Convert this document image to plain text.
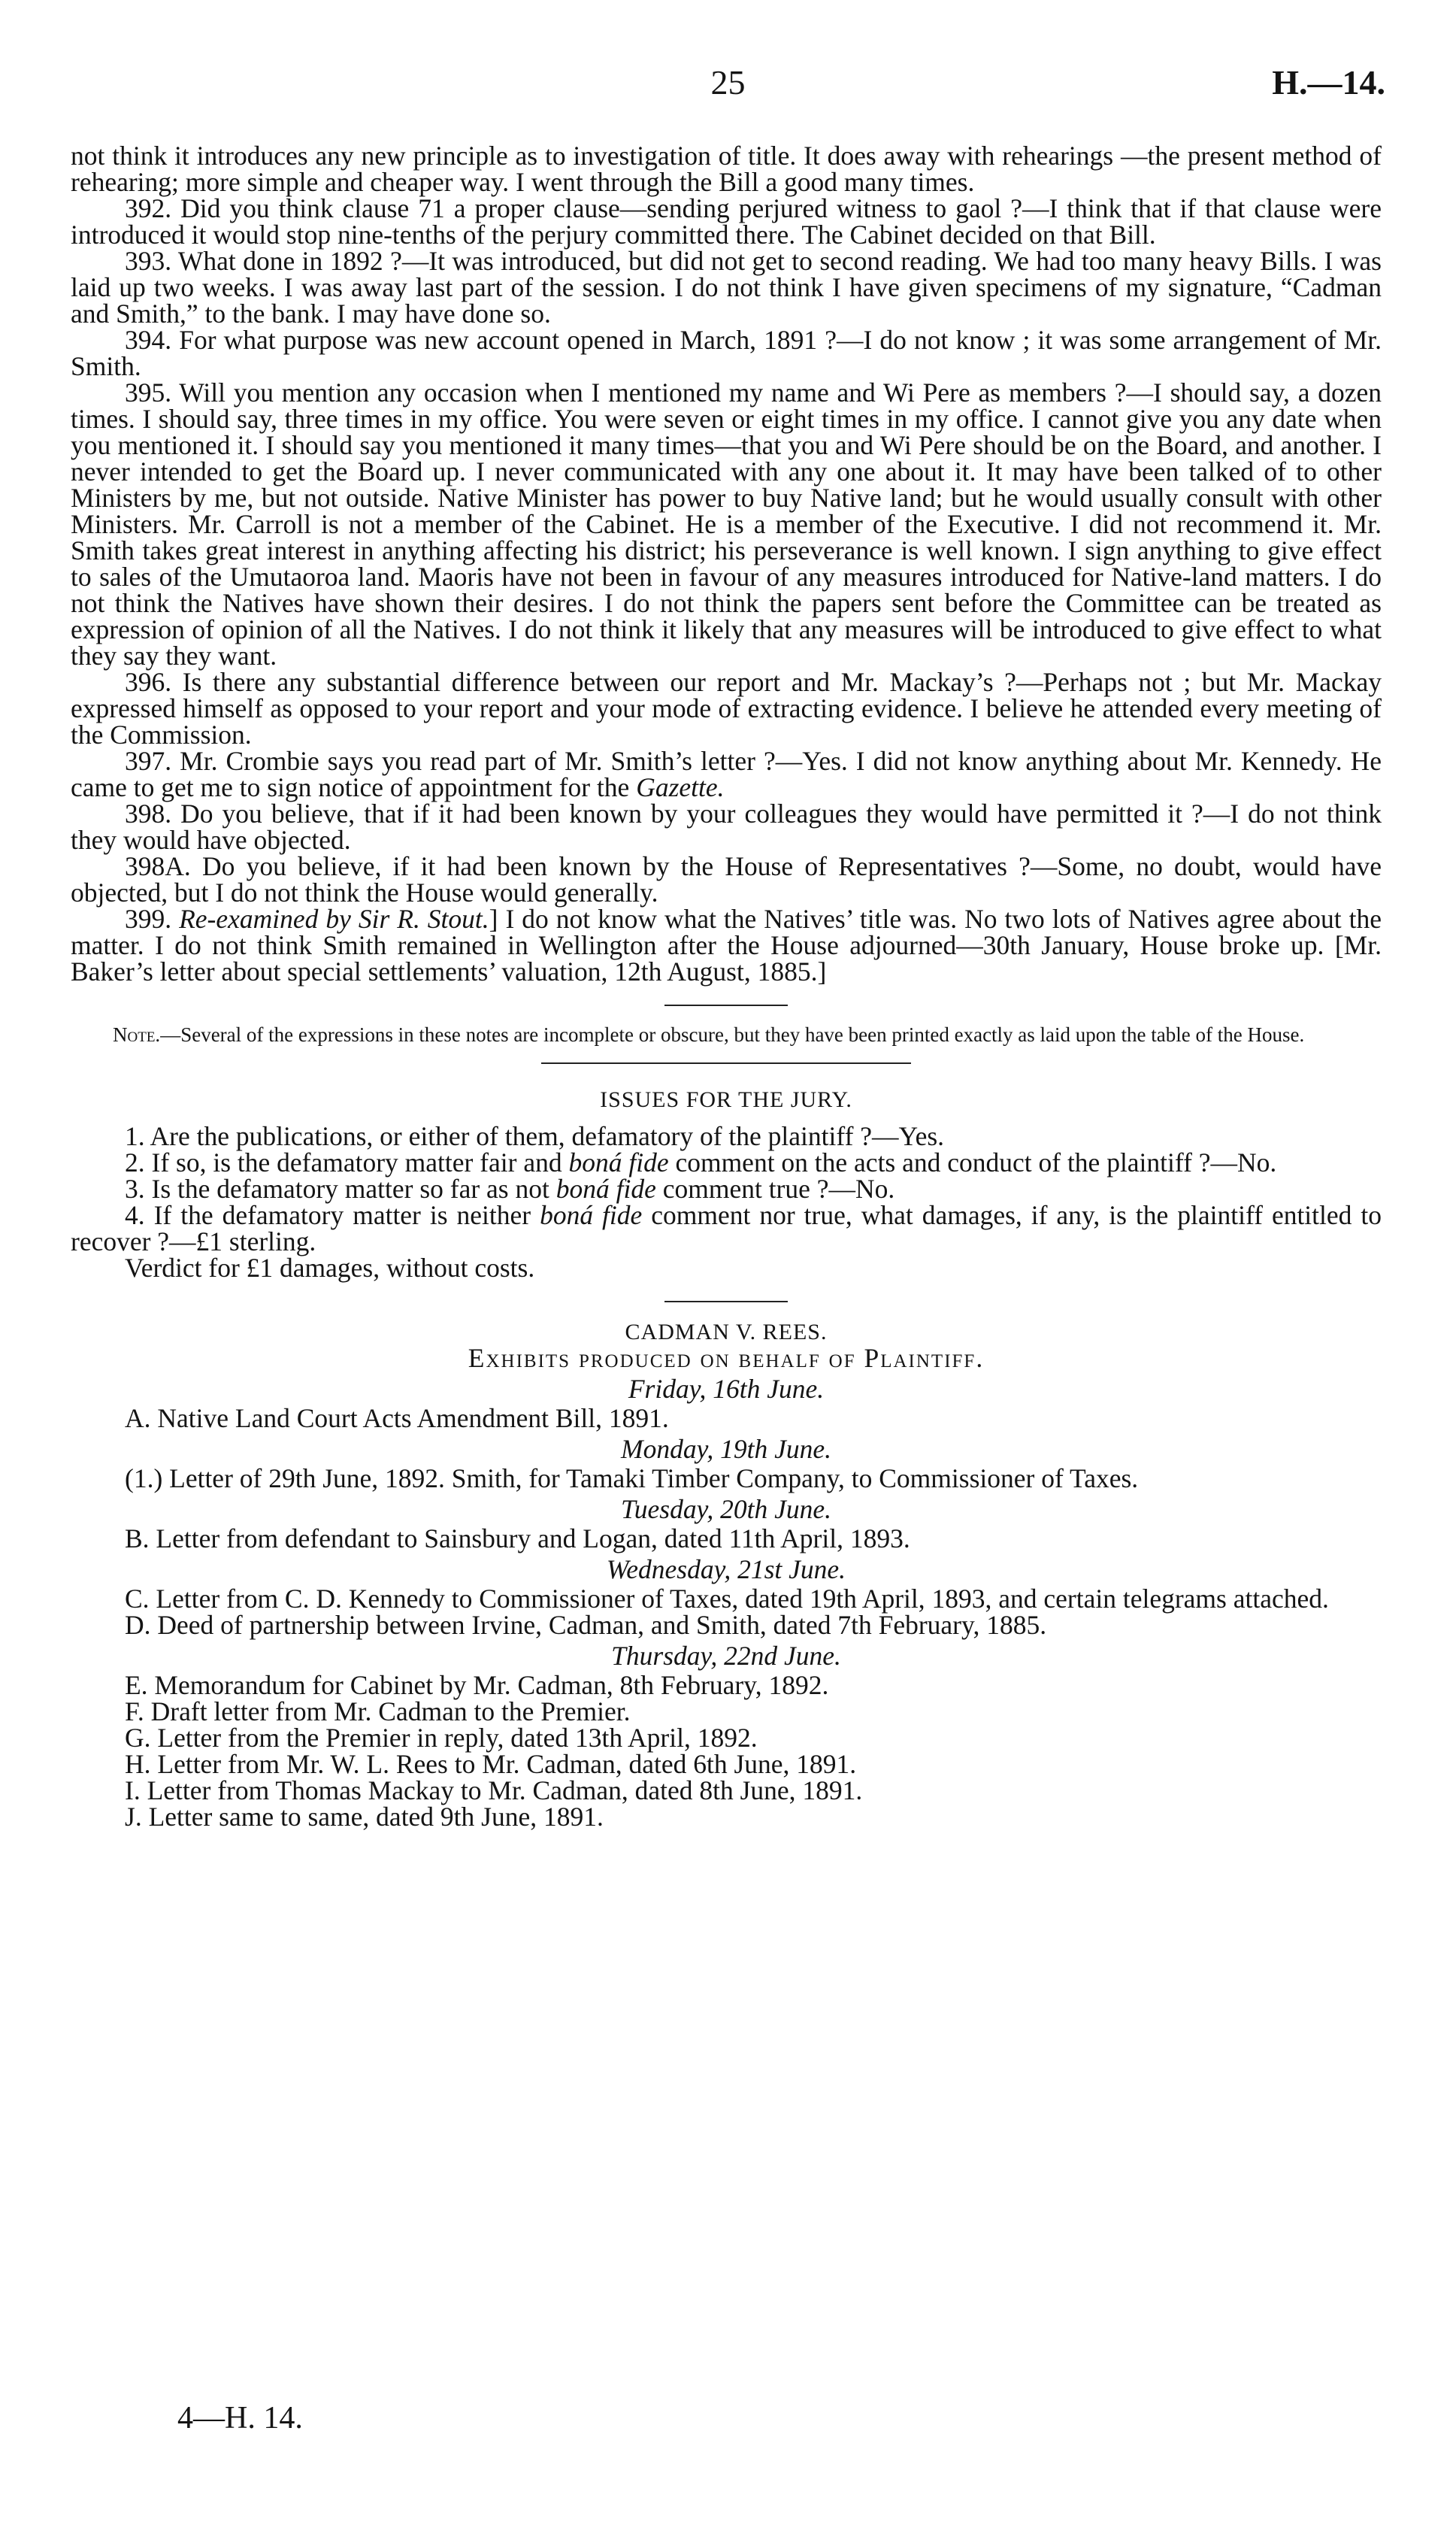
25	H.—14.

not think it introduces any new principle as to investigation of title. It does away with rehearings —the present method of rehearing; more simple and cheaper way. I went through the Bill a good many times.

392. Did you think clause 71 a proper clause—sending perjured witness to gaol ?—I think that if that clause were introduced it would stop nine-tenths of the perjury committed there. The Cabinet decided on that Bill.

393. What done in 1892 ?—It was introduced, but did not get to second reading. We had too many heavy Bills. I was laid up two weeks. I was away last part of the session. I do not think I have given specimens of my signature, “Cadman and Smith,” to the bank. I may have done so.

394. For what purpose was new account opened in March, 1891 ?—I do not know ; it was some arrangement of Mr. Smith.

395. Will you mention any occasion when I mentioned my name and Wi Pere as members ?—I should say, a dozen times. I should say, three times in my office. You were seven or eight times in my office. I cannot give you any date when you mentioned it. I should say you mentioned it many times—that you and Wi Pere should be on the Board, and another. I never intended to get the Board up. I never communicated with any one about it. It may have been talked of to other Ministers by me, but not outside. Native Minister has power to buy Native land; but he would usually consult with other Ministers. Mr. Carroll is not a member of the Cabinet. He is a member of the Executive. I did not recommend it. Mr. Smith takes great interest in anything affecting his district; his perseverance is well known. I sign anything to give effect to sales of the Umutaoroa land. Maoris have not been in favour of any measures introduced for Native-land matters. I do not think the Natives have shown their desires. I do not think the papers sent before the Committee can be treated as expression of opinion of all the Natives. I do not think it likely that any measures will be introduced to give effect to what they say they want.

396. Is there any substantial difference between our report and Mr. Mackay’s ?—Perhaps not ; but Mr. Mackay expressed himself as opposed to your report and your mode of extracting evidence. I believe he attended every meeting of the Commission.

397. Mr. Crombie says you read part of Mr. Smith’s letter ?—Yes. I did not know anything about Mr. Kennedy. He came to get me to sign notice of appointment for the Gazette.

398. Do you believe, that if it had been known by your colleagues they would have permitted it ?—I do not think they would have objected.

398A. Do you believe, if it had been known by the House of Representatives ?—Some, no doubt, would have objected, but I do not think the House would generally.

399. Re-examined by Sir R. Stout.] I do not know what the Natives’ title was. No two lots of Natives agree about the matter. I do not think Smith remained in Wellington after the House adjourned—30th January, House broke up. [Mr. Baker’s letter about special settlements’ valuation, 12th August, 1885.]

Note.—Several of the expressions in these notes are incomplete or obscure, but they have been printed exactly as laid upon the table of the House.

ISSUES FOR THE JURY.

1. Are the publications, or either of them, defamatory of the plaintiff ?—Yes.

2. If so, is the defamatory matter fair and boná fide comment on the acts and conduct of the plaintiff ?—No.

3. Is the defamatory matter so far as not boná fide comment true ?—No.

4. If the defamatory matter is neither boná fide comment nor true, what damages, if any, is the plaintiff entitled to recover ?—£1 sterling.

Verdict for £1 damages, without costs.

CADMAN V. REES.
Exhibits produced on behalf of Plaintiff.
Friday, 16th June.

A. Native Land Court Acts Amendment Bill, 1891.

Monday, 19th June.

(1.) Letter of 29th June, 1892. Smith, for Tamaki Timber Company, to Commissioner of Taxes.

Tuesday, 20th June.

B. Letter from defendant to Sainsbury and Logan, dated 11th April, 1893.

Wednesday, 21st June.

C. Letter from C. D. Kennedy to Commissioner of Taxes, dated 19th April, 1893, and certain telegrams attached.

D. Deed of partnership between Irvine, Cadman, and Smith, dated 7th February, 1885.

Thursday, 22nd June.

E. Memorandum for Cabinet by Mr. Cadman, 8th February, 1892.

F. Draft letter from Mr. Cadman to the Premier.

G. Letter from the Premier in reply, dated 13th April, 1892.

H. Letter from Mr. W. L. Rees to Mr. Cadman, dated 6th June, 1891.

I. Letter from Thomas Mackay to Mr. Cadman, dated 8th June, 1891.

J. Letter same to same, dated 9th June, 1891.

4—H. 14.
